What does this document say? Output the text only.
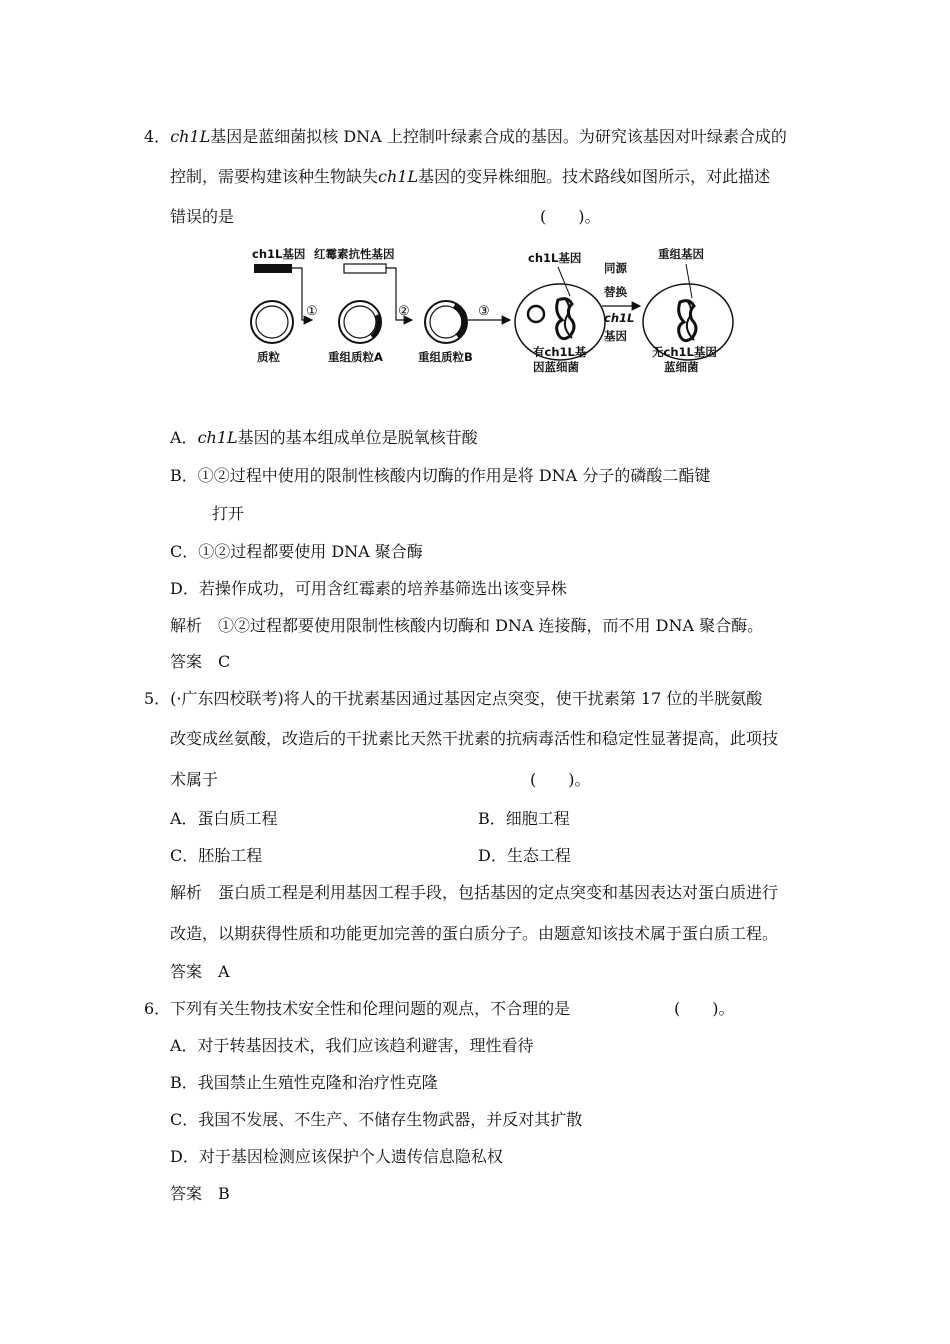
4．ch1L基因是蓝细菌拟核 DNA 上控制叶绿素合成的基因。为研究该基因对叶绿素合成的
控制，需要构建该种生物缺失ch1L基因的变异株细胞。技术路线如图所示，对此描述
错误的是	(　　)。
ch1L基因
①
红霉素抗性基因
②
质粒	重组质粒A	重组质粒B
③
ch1L基因
有ch1L基
因蓝细菌
同源
替换
ch1L
基因
重组基因
无ch1L基因
蓝细菌
A．ch1L基因的基本组成单位是脱氧核苷酸
B．①②过程中使用的限制性核酸内切酶的作用是将 DNA 分子的磷酸二酯键
打开
C．①②过程都要使用 DNA 聚合酶
D．若操作成功，可用含红霉素的培养基筛选出该变异株
解析　①②过程都要使用限制性核酸内切酶和 DNA 连接酶，而不用 DNA 聚合酶。
答案　C
5．(·广东四校联考)将人的干扰素基因通过基因定点突变，使干扰素第 17 位的半胱氨酸
改变成丝氨酸，改造后的干扰素比天然干扰素的抗病毒活性和稳定性显著提高，此项技
术属于	(　　)。
A．蛋白质工程	B．细胞工程
C．胚胎工程	D．生态工程
解析　蛋白质工程是利用基因工程手段，包括基因的定点突变和基因表达对蛋白质进行
改造，以期获得性质和功能更加完善的蛋白质分子。由题意知该技术属于蛋白质工程。
答案　A
6．下列有关生物技术安全性和伦理问题的观点，不合理的是	(　　)。
A．对于转基因技术，我们应该趋利避害，理性看待
B．我国禁止生殖性克隆和治疗性克隆
C．我国不发展、不生产、不储存生物武器，并反对其扩散
D．对于基因检测应该保护个人遗传信息隐私权
答案　B
